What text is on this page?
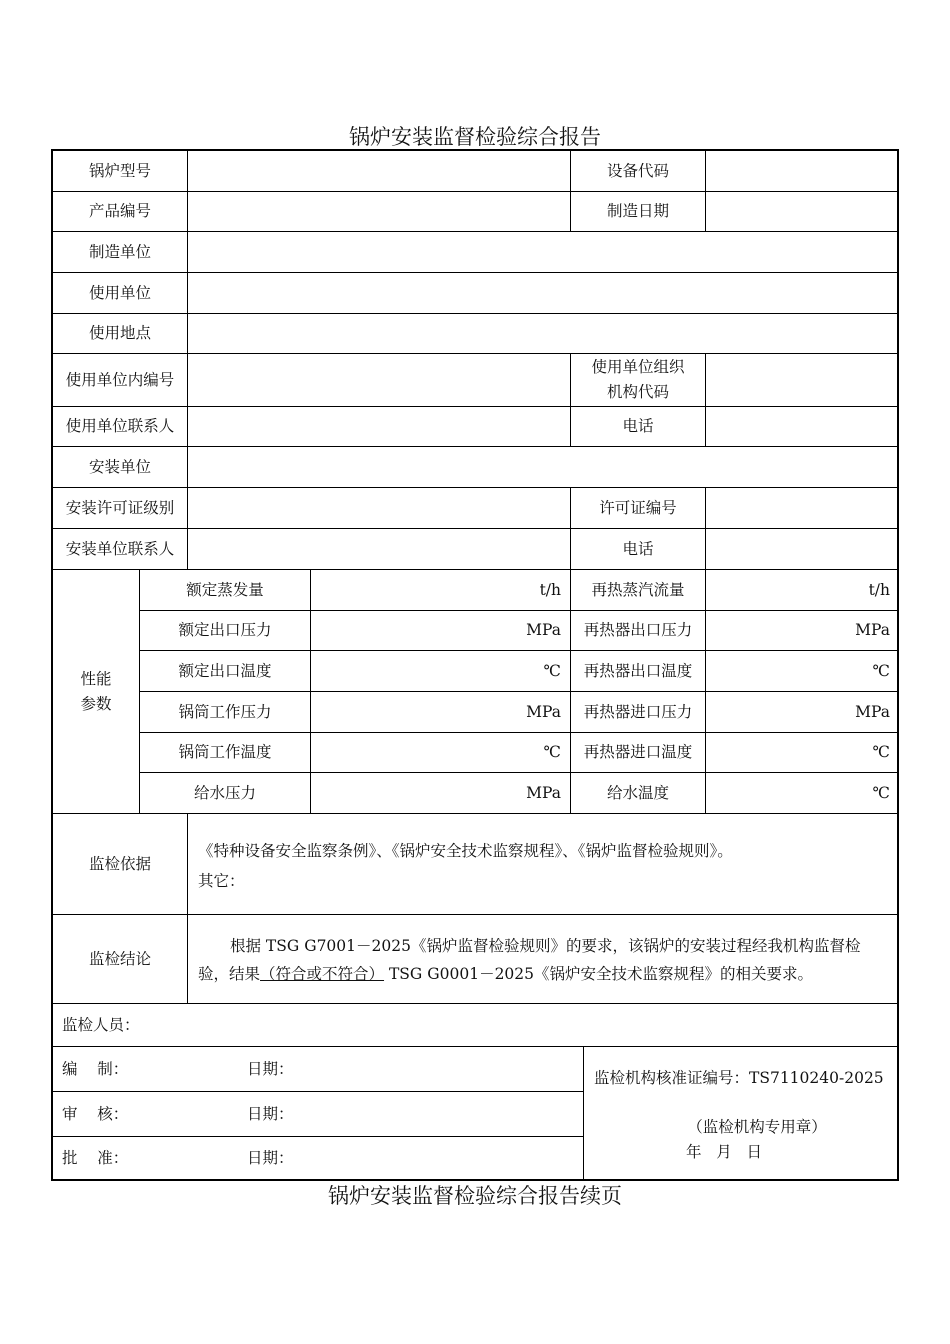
锅炉安装监督检验综合报告
锅炉型号	设备代码
产品编号	制造日期
制造单位
使用单位
使用地点
使用单位内编号
使用单位组织
机构代码
使用单位联系人	电话
安装单位
安装许可证级别	许可证编号
安装单位联系人	电话
性能
参数
额定蒸发量	t/h	再热蒸汽流量	t/h
额定出口压力	MPa	再热器出口压力	MPa
额定出口温度	℃	再热器出口温度	℃
锅筒工作压力	MPa	再热器进口压力	MPa
锅筒工作温度	℃	再热器进口温度	℃
给水压力	MPa	给水温度	℃
监检依据
《特种设备安全监察条例》、《锅炉安全技术监察规程》、《锅炉监督检验规则》。
其它：
监检结论
根据 TSG G7001－2025《锅炉监督检验规则》的要求，该锅炉的安装过程经我机构监督检验，结果（符合或不符合） TSG G0001－2025《锅炉安全技术监察规程》的相关要求。
监检人员：
编    制：	日期：
审    核：	日期：
批    准：	日期：
监检机构核准证编号：TS7110240-2025
（监检机构专用章）
年   月   日
锅炉安装监督检验综合报告续页
